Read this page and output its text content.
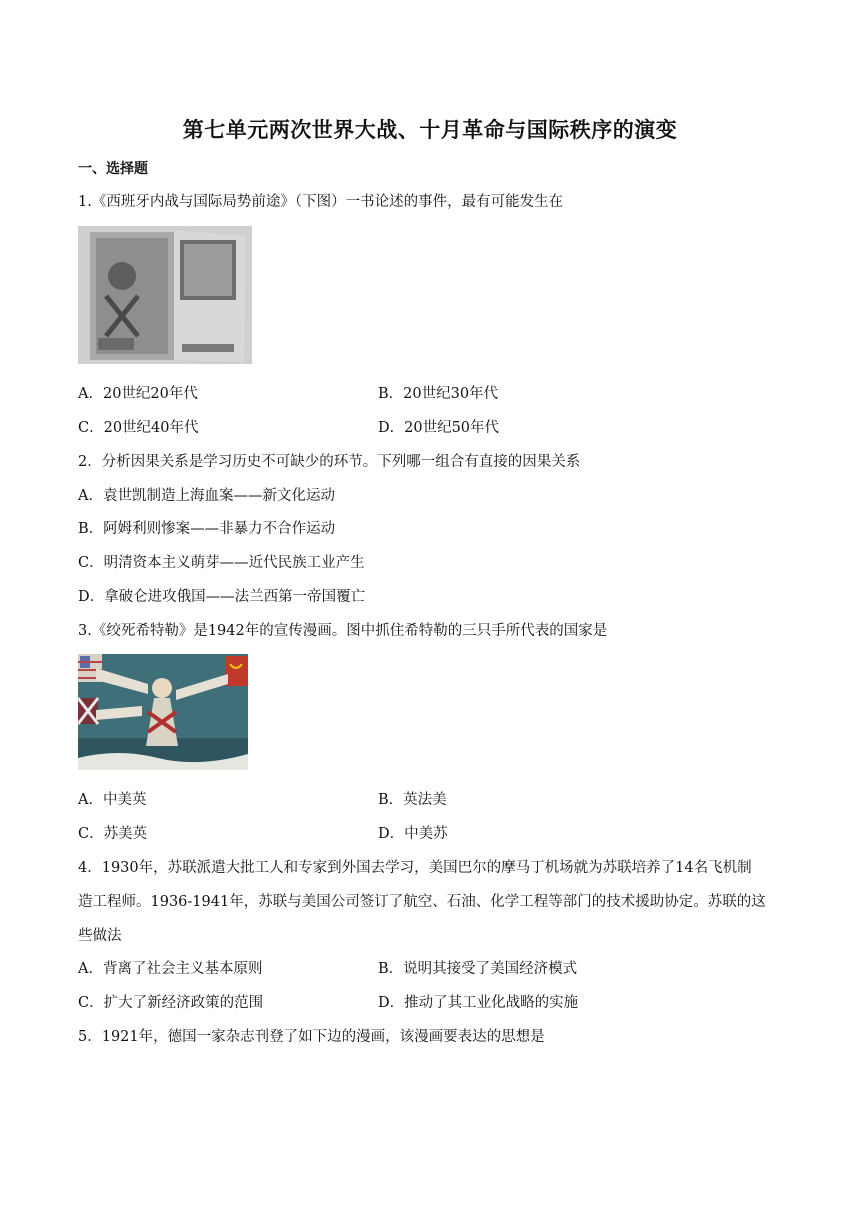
第七单元两次世界大战、十月革命与国际秩序的演变
一、选择题
1.《西班牙内战与国际局势前途》（下图）一书论述的事件，最有可能发生在
A．20世纪20年代	B．20世纪30年代
C．20世纪40年代	D．20世纪50年代
2．分析因果关系是学习历史不可缺少的环节。下列哪一组合有直接的因果关系
A．袁世凯制造上海血案——新文化运动
B．阿姆利则惨案——非暴力不合作运动
C．明清资本主义萌芽——近代民族工业产生
D．拿破仑进攻俄国——法兰西第一帝国覆亡
3.《绞死希特勒》是1942年的宣传漫画。图中抓住希特勒的三只手所代表的国家是
A．中美英	B．英法美
C．苏美英	D．中美苏
4．1930年，苏联派遣大批工人和专家到外国去学习，美国巴尔的摩马丁机场就为苏联培养了14名飞机制
造工程师。1936-1941年，苏联与美国公司签订了航空、石油、化学工程等部门的技术援助协定。苏联的这
些做法
A．背离了社会主义基本原则	B．说明其接受了美国经济模式
C．扩大了新经济政策的范围	D．推动了其工业化战略的实施
5．1921年，德国一家杂志刊登了如下边的漫画，该漫画要表达的思想是
